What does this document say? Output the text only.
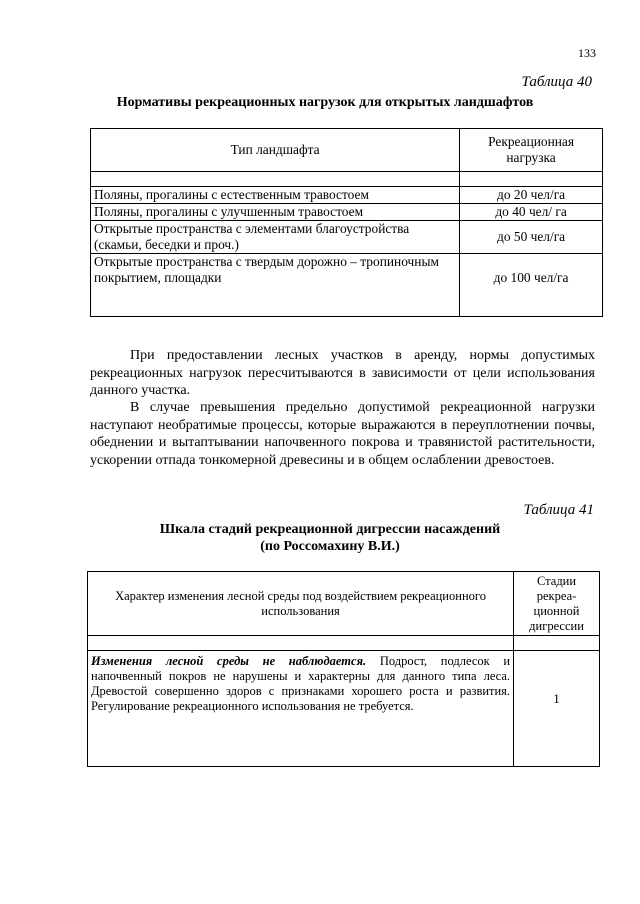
133
Таблица 40
Нормативы рекреационных нагрузок для открытых ландшафтов
Тип ландшафта	Рекреационная нагрузка

Поляны, прогалины с естественным травостоем	до 20 чел/га
Поляны, прогалины с улучшенным травостоем	до 40 чел/ га
Открытые пространства с элементами благоустройства (скамьи, беседки и проч.)	до 50 чел/га
Открытые пространства с твердым дорожно – тропиночным покрытием, площадки	до 100 чел/га
При предоставлении лесных участков в аренду, нормы допустимых рекреационных нагрузок пересчитываются в зависимости от цели использования данного участка.
В случае превышения предельно допустимой рекреационной нагрузки наступают необратимые процессы, которые выражаются в переуплотнении почвы, обеднении и вытаптывании напочвенного покрова и травянистой растительности, ускорении отпада тонкомерной древесины и в общем ослаблении древостоев.
Таблица 41
Шкала стадий рекреационной дигрессии насаждений
(по Россомахину В.И.)
Характер изменения лесной среды под воздействием рекреационного использования	Стадии рекреа-ционной дигрессии

Изменения лесной среды не наблюдается. Подрост, подлесок и напочвенный покров не нарушены и характерны для данного типа леса. Древостой совершенно здоров с признаками хорошего роста и развития. Регулирование рекреационного использования не требуется.	1
